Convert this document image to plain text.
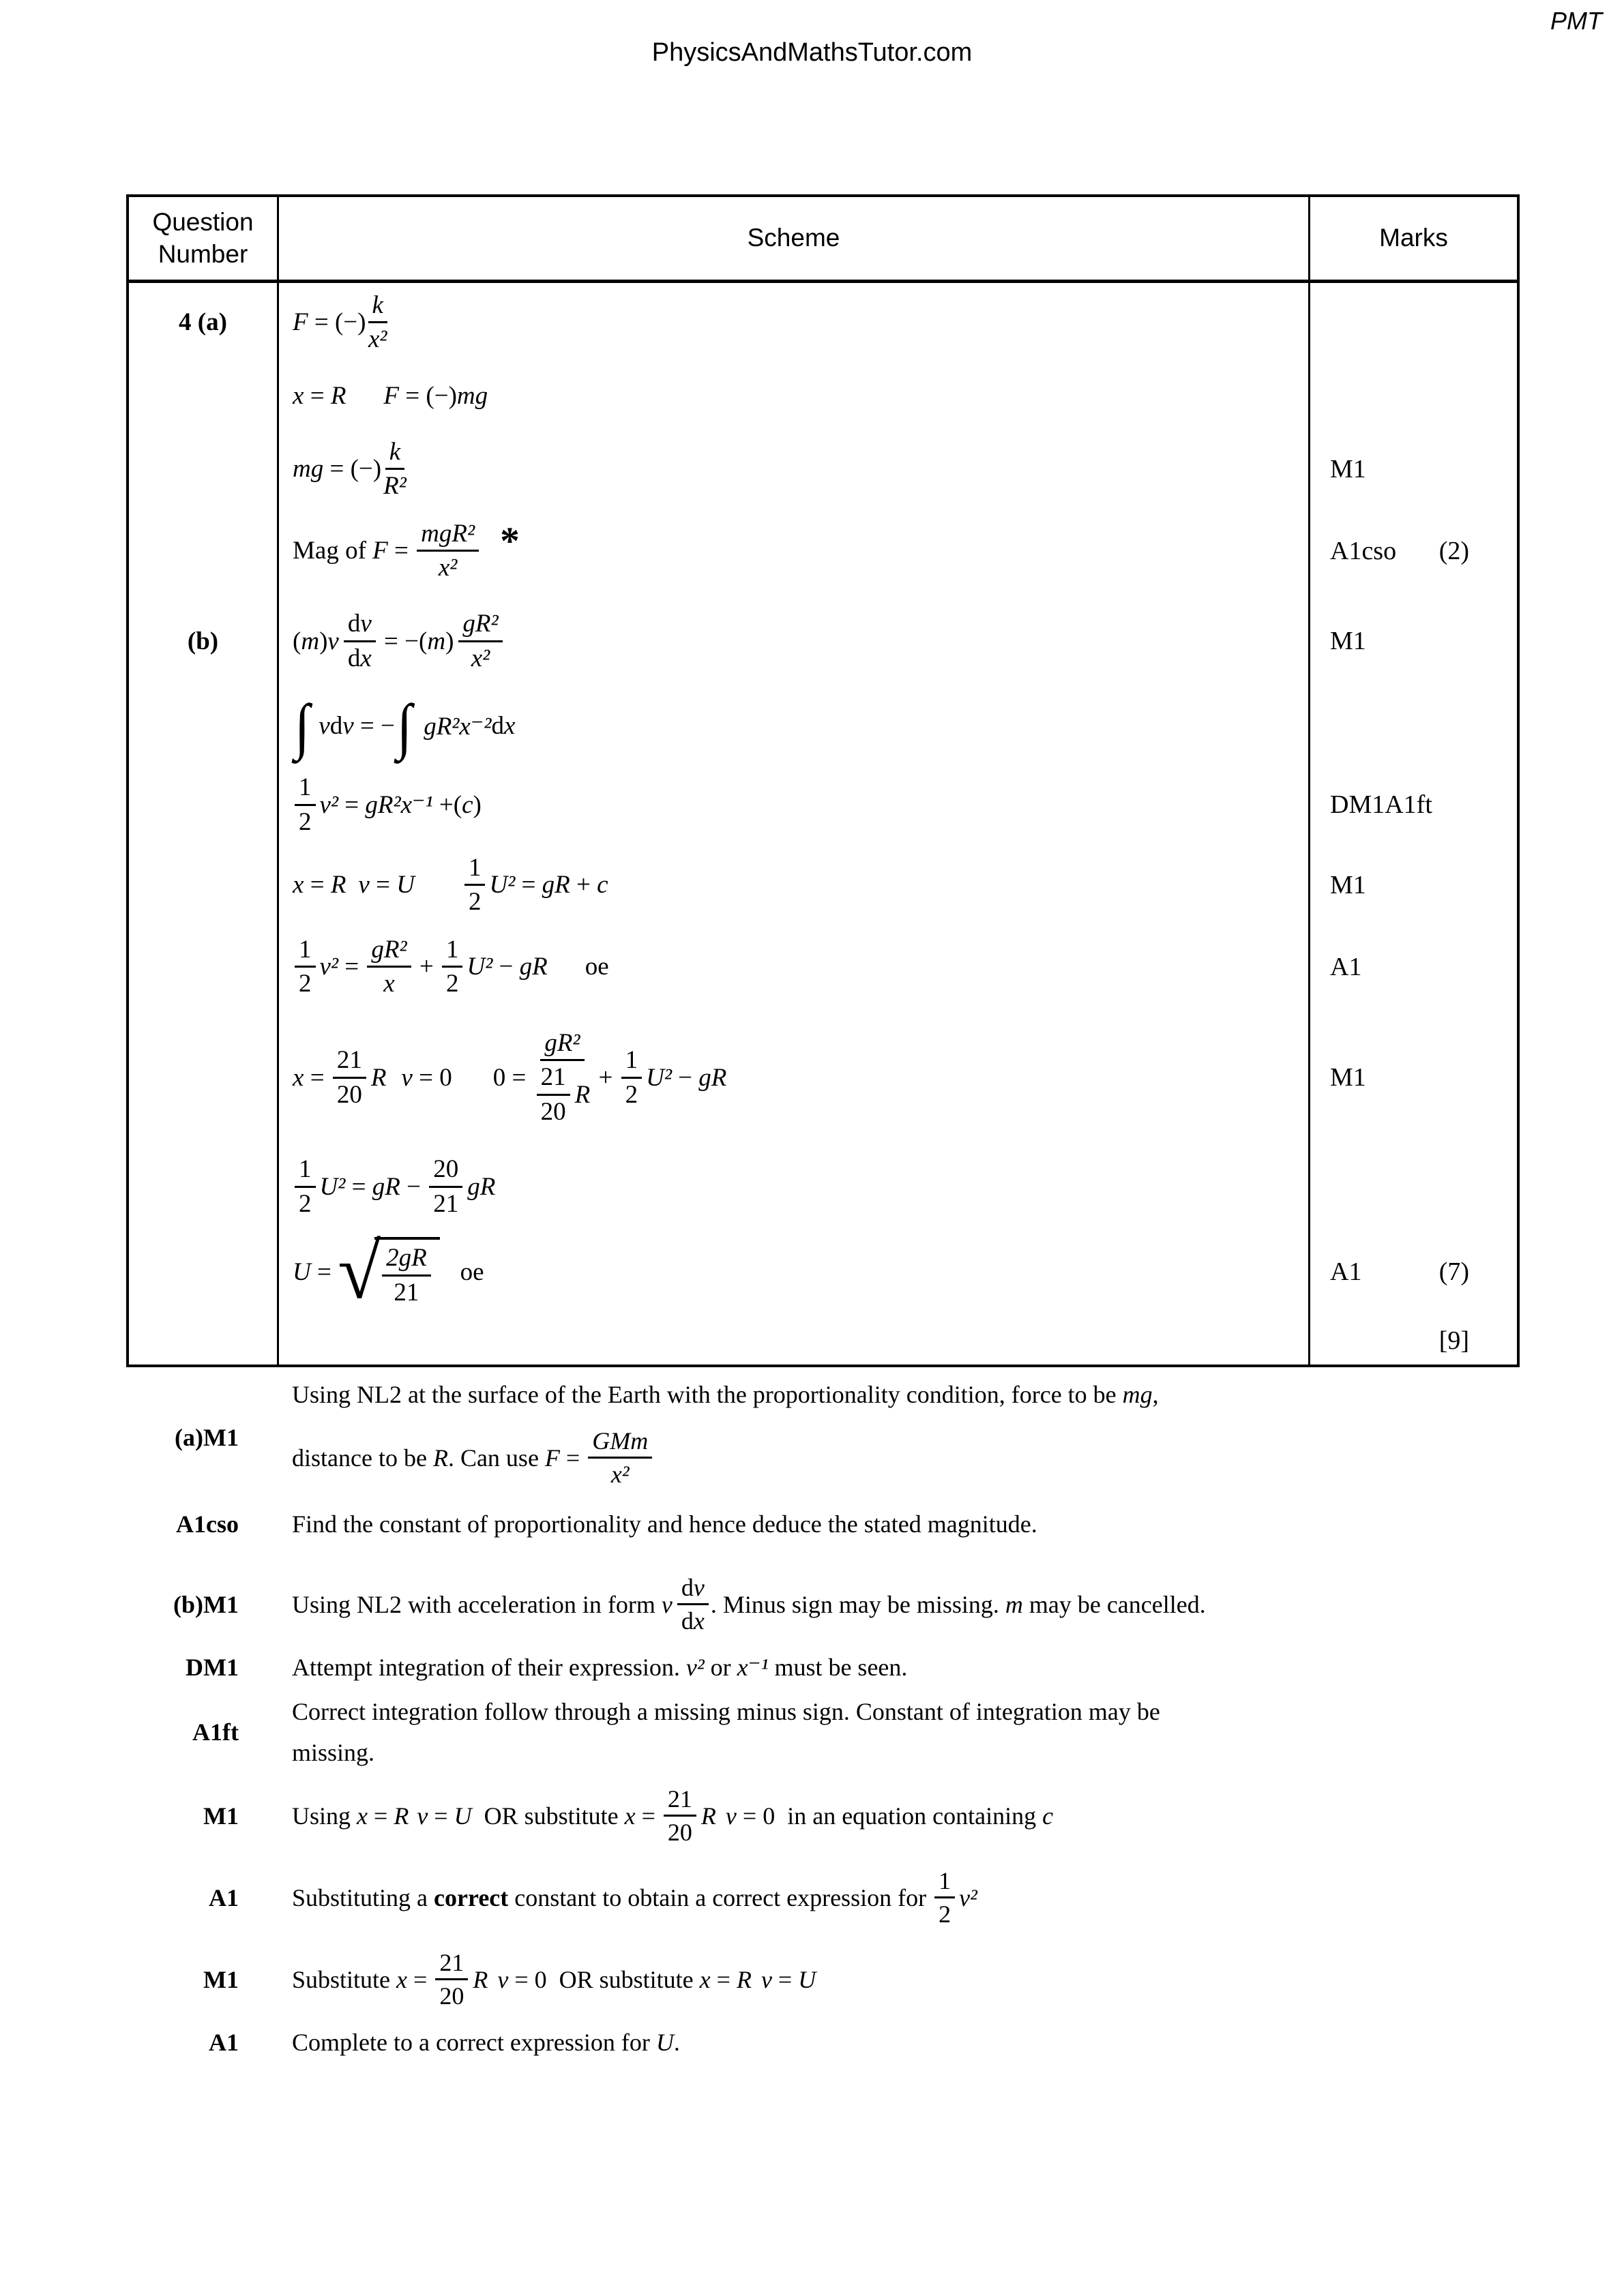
PMT
PhysicsAndMathsTutor.com
Question Number
Scheme	Marks
4 (a)	F = (−) $\frac{k}{\text{x²}}$
x = R F = (−) mg
mg = (−) $\frac{k}{\text{R²}}$	M1
Mag of $F = \frac{\text{mgR²}}{\text{x²}}$ *	A1cso (2)
(b)	( m ) v $\frac{\text{d v}}{\text{d x}}$ = −( m ) $\frac{\text{gR²}}{\text{x²}}$	M1
∫ v d v = − ∫ gR²x⁻² d x
$\frac{1}{2} v^2 = gR^2x^{-1}$ +( c )	DM1A1ft
x = R v = U $\frac{1}{2} U^2$ = gR + c	M1
$\frac{1}{2} v^2 = \frac{\text{gR²}}{x} + \frac{1}{2} U^2$ − gR oe	A1
$x = \frac{21}{20}$ R v = 0 $0 = \frac{\text{gR²}}{\frac{21}{20} R} + \frac{1}{2} U^2$ − gR	M1
$\frac{1}{2} U^2$ = gR − $\frac{20}{21}$ gR
U = √ $\frac{2gR}{21}$ oe	A1	(7)
[9]
(a)M1
Using NL2 at the surface of the Earth with the proportionality condition, force to be mg ,
distance to be R . Can use $F = \frac{\text{GMm}}{\text{x²}}$
A1cso Find the constant of proportionality and hence deduce the stated magnitude.
(b)M1 Using NL2 with acceleration in form v $\frac{\text{d v}}{\text{d x}}$ . Minus sign may be missing. m may be cancelled.
DM1 Attempt integration of their expression. v² or x⁻¹ must be seen.
A1ft
Correct integration follow through a missing minus sign. Constant of integration may be
missing.
M1 Using x = R v = U OR substitute $x = \frac{21}{20}$ R v = 0  in an equation containing c
A1 Substituting a correct constant to obtain a correct expression for $\frac{1}{2} v^2$
M1 Substitute $x = \frac{21}{20}$ R v = 0  OR substitute x = R v = U
A1 Complete to a correct expression for U .
